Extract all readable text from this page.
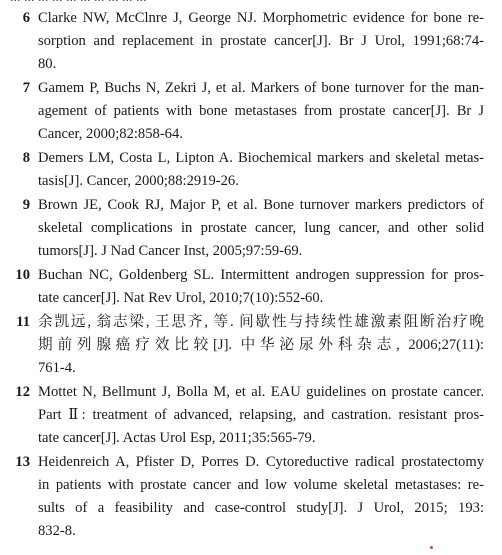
6 Clarke NW, McClnre J, George NJ. Morphometric evidence for bone re-
sorption and replacement in prostate cancer[J]. Br J Urol, 1991;68:74-
80.
7 Gamem P, Buchs N, Zekri J, et al. Markers of bone turnover for the man-
agement of patients with bone metastases from prostate cancer[J]. Br J
Cancer, 2000;82:858-64.
8 Demers LM, Costa L, Lipton A. Biochemical markers and skeletal metas-
tasis[J]. Cancer, 2000;88:2919-26.
9 Brown JE, Cook RJ, Major P, et al. Bone turnover markers predictors of
skeletal complications in prostate cancer, lung cancer, and other solid
tumors[J]. J Nad Cancer Inst, 2005;97:59-69.
10 Buchan NC, Goldenberg SL. Intermittent androgen suppression for pros-
tate cancer[J]. Nat Rev Urol, 2010;7(10):552-60.
11 余凯远, 翁志梁, 王思齐, 等. 间歇性与持续性雄激素阻断治疗晚
期前列腺癌疗效比较[J]. 中华泌尿外科杂志, 2006;27(11):
761-4.
12 Mottet N, Bellmunt J, Bolla M, et al. EAU guidelines on prostate cancer.
Part Ⅱ: treatment of advanced, relapsing, and castration. resistant pros-
tate cancer[J]. Actas Urol Esp, 2011;35:565-79.
13 Heidenreich A, Pfister D, Porres D. Cytoreductive radical prostatectomy
in patients with prostate cancer and low volume skeletal metastases: re-
sults of a feasibility and case-control study[J]. J Urol, 2015; 193:
832-8.
